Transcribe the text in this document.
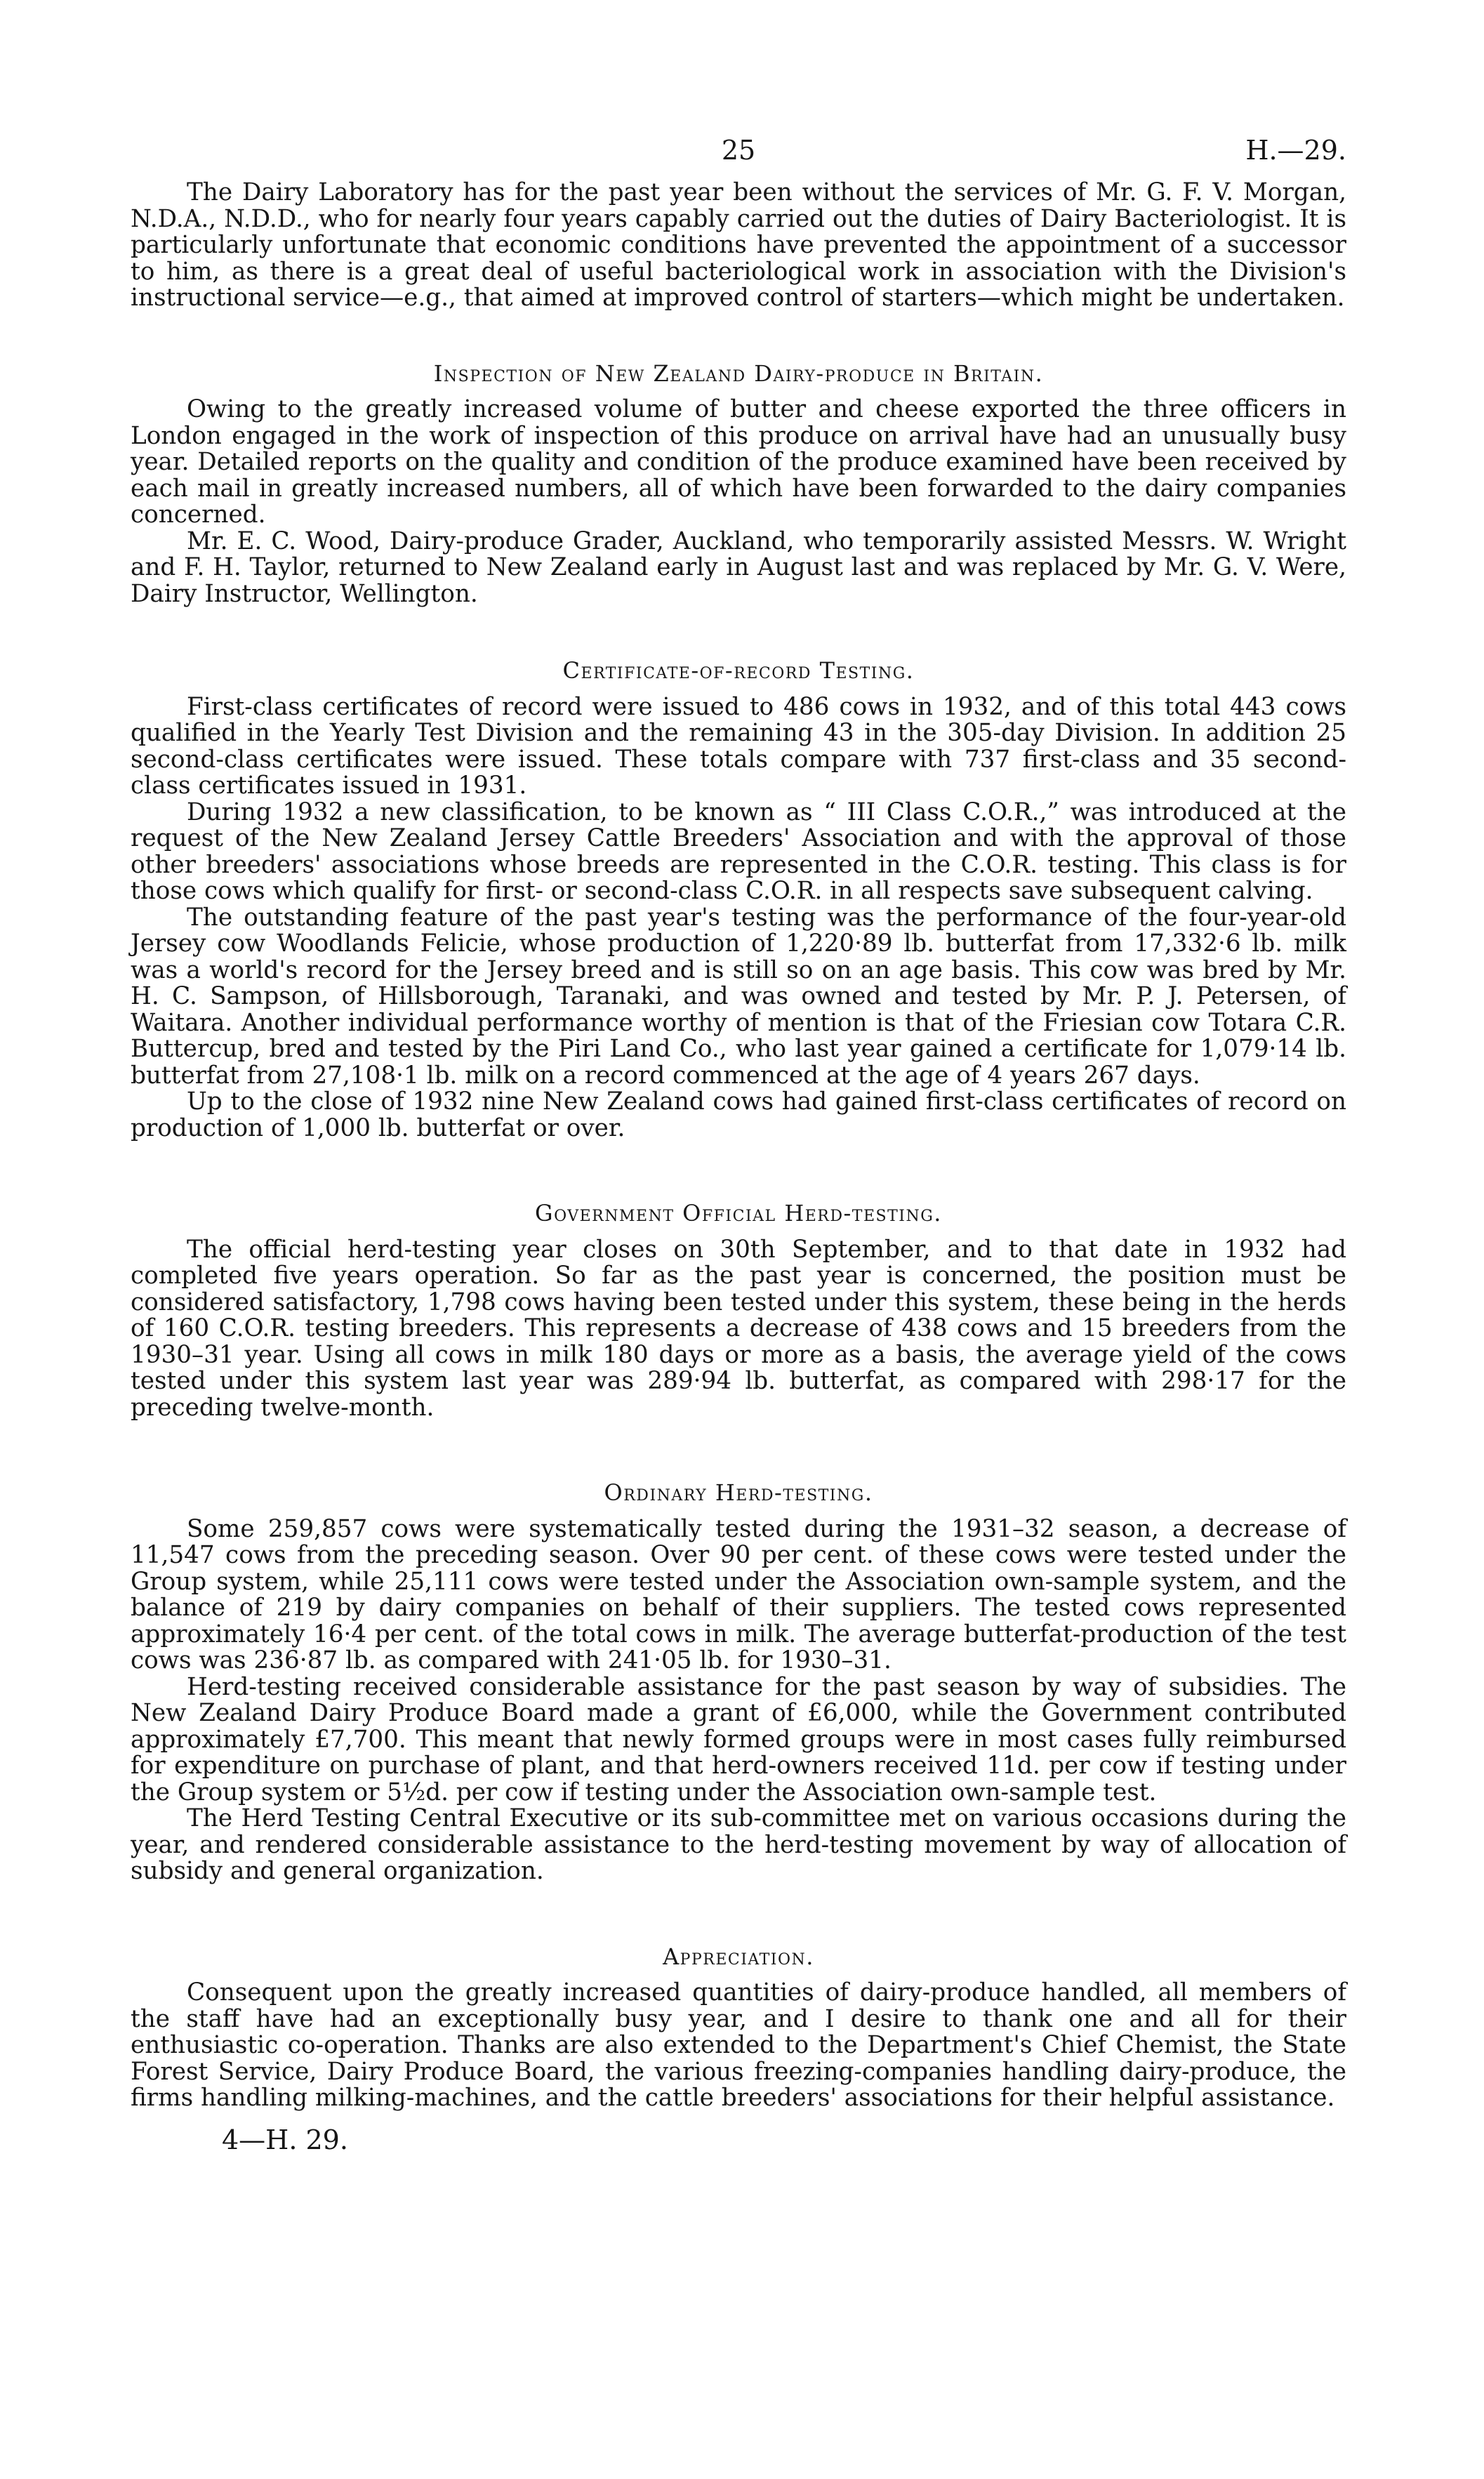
25	H.—29.

The Dairy Laboratory has for the past year been without the services of Mr. G. F. V. Morgan, N.D.A., N.D.D., who for nearly four years capably carried out the duties of Dairy Bacteriologist. It is particularly unfortunate that economic conditions have prevented the appointment of a successor to him, as there is a great deal of useful bacteriological work in association with the Division's instructional service—e.g., that aimed at improved control of starters—which might be undertaken.

Inspection of New Zealand Dairy-produce in Britain.

Owing to the greatly increased volume of butter and cheese exported the three officers in London engaged in the work of inspection of this produce on arrival have had an unusually busy year. Detailed reports on the quality and condition of the produce examined have been received by each mail in greatly increased numbers, all of which have been forwarded to the dairy companies concerned.

Mr. E. C. Wood, Dairy-produce Grader, Auckland, who temporarily assisted Messrs. W. Wright and F. H. Taylor, returned to New Zealand early in August last and was replaced by Mr. G. V. Were, Dairy Instructor, Wellington.

Certificate-of-record Testing.

First-class certificates of record were issued to 486 cows in 1932, and of this total 443 cows qualified in the Yearly Test Division and the remaining 43 in the 305-day Division. In addition 25 second-class certificates were issued. These totals compare with 737 first-class and 35 second-class certificates issued in 1931.

During 1932 a new classification, to be known as “ III Class C.O.R.,” was introduced at the request of the New Zealand Jersey Cattle Breeders' Association and with the approval of those other breeders' associations whose breeds are represented in the C.O.R. testing. This class is for those cows which qualify for first- or second-class C.O.R. in all respects save subsequent calving.

The outstanding feature of the past year's testing was the performance of the four-year-old Jersey cow Woodlands Felicie, whose production of 1,220·89 lb. butterfat from 17,332·6 lb. milk was a world's record for the Jersey breed and is still so on an age basis. This cow was bred by Mr. H. C. Sampson, of Hillsborough, Taranaki, and was owned and tested by Mr. P. J. Petersen, of Waitara. Another individual performance worthy of mention is that of the Friesian cow Totara C.R. Buttercup, bred and tested by the Piri Land Co., who last year gained a certificate for 1,079·14 lb. butterfat from 27,108·1 lb. milk on a record commenced at the age of 4 years 267 days.

Up to the close of 1932 nine New Zealand cows had gained first-class certificates of record on production of 1,000 lb. butterfat or over.

Government Official Herd-testing.

The official herd-testing year closes on 30th September, and to that date in 1932 had completed five years operation. So far as the past year is concerned, the position must be considered satisfactory, 1,798 cows having been tested under this system, these being in the herds of 160 C.O.R. testing breeders. This represents a decrease of 438 cows and 15 breeders from the 1930–31 year. Using all cows in milk 180 days or more as a basis, the average yield of the cows tested under this system last year was 289·94 lb. butterfat, as compared with 298·17 for the preceding twelve-month.

Ordinary Herd-testing.

Some 259,857 cows were systematically tested during the 1931–32 season, a decrease of 11,547 cows from the preceding season. Over 90 per cent. of these cows were tested under the Group system, while 25,111 cows were tested under the Association own-sample system, and the balance of 219 by dairy companies on behalf of their suppliers. The tested cows represented approximately 16·4 per cent. of the total cows in milk. The average butterfat-production of the test cows was 236·87 lb. as compared with 241·05 lb. for 1930–31.

Herd-testing received considerable assistance for the past season by way of subsidies. The New Zealand Dairy Produce Board made a grant of £6,000, while the Government contributed approximately £7,700. This meant that newly formed groups were in most cases fully reimbursed for expenditure on purchase of plant, and that herd-owners received 11d. per cow if testing under the Group system or 5½d. per cow if testing under the Association own-sample test.

The Herd Testing Central Executive or its sub-committee met on various occasions during the year, and rendered considerable assistance to the herd-testing movement by way of allocation of subsidy and general organization.

Appreciation.

Consequent upon the greatly increased quantities of dairy-produce handled, all members of the staff have had an exceptionally busy year, and I desire to thank one and all for their enthusiastic co-operation. Thanks are also extended to the Department's Chief Chemist, the State Forest Service, Dairy Produce Board, the various freezing-companies handling dairy-produce, the firms handling milking-machines, and the cattle breeders' associations for their helpful assistance.

4—H. 29.
